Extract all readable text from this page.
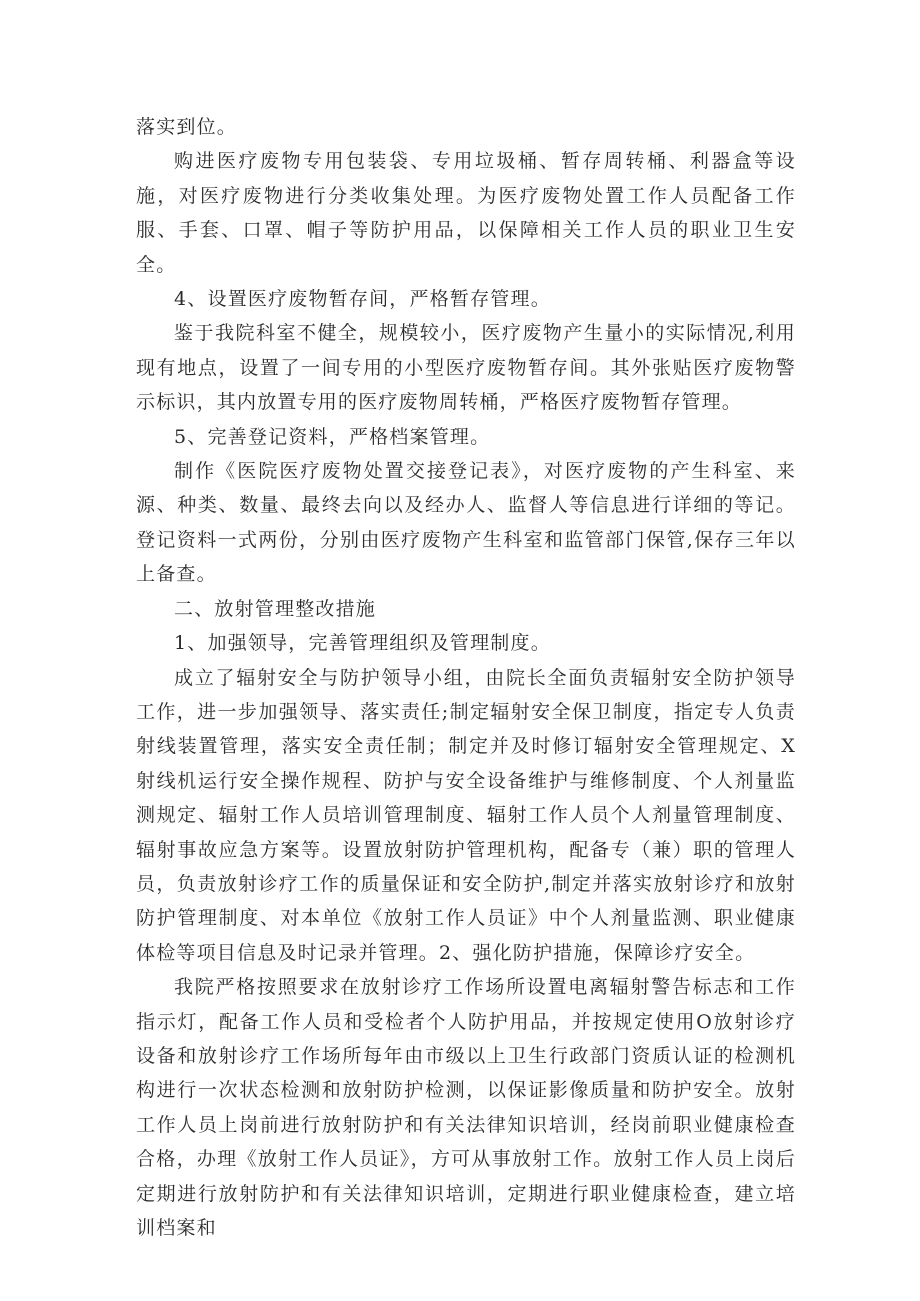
落实到位。

购进医疗废物专用包装袋、专用垃圾桶、暂存周转桶、利器盒等设施，对医疗废物进行分类收集处理。为医疗废物处置工作人员配备工作服、手套、口罩、帽子等防护用品，以保障相关工作人员的职业卫生安全。

4、设置医疗废物暂存间，严格暂存管理。

鉴于我院科室不健全，规模较小，医疗废物产生量小的实际情况,利用现有地点，设置了一间专用的小型医疗废物暂存间。其外张贴医疗废物警示标识，其内放置专用的医疗废物周转桶，严格医疗废物暂存管理。

5、完善登记资料，严格档案管理。

制作《医院医疗废物处置交接登记表》，对医疗废物的产生科室、来源、种类、数量、最终去向以及经办人、监督人等信息进行详细的等记。登记资料一式两份，分别由医疗废物产生科室和监管部门保管,保存三年以上备查。

二、放射管理整改措施

1、加强领导，完善管理组织及管理制度。

成立了辐射安全与防护领导小组，由院长全面负责辐射安全防护领导工作，进一步加强领导、落实责任;制定辐射安全保卫制度，指定专人负责射线装置管理，落实安全责任制；制定并及时修订辐射安全管理规定、X射线机运行安全操作规程、防护与安全设备维护与维修制度、个人剂量监测规定、辐射工作人员培训管理制度、辐射工作人员个人剂量管理制度、辐射事故应急方案等。设置放射防护管理机构，配备专（兼）职的管理人员，负责放射诊疗工作的质量保证和安全防护,制定并落实放射诊疗和放射防护管理制度、对本单位《放射工作人员证》中个人剂量监测、职业健康体检等项目信息及时记录并管理。2、强化防护措施，保障诊疗安全。

我院严格按照要求在放射诊疗工作场所设置电离辐射警告标志和工作指示灯，配备工作人员和受检者个人防护用品，并按规定使用O放射诊疗设备和放射诊疗工作场所每年由市级以上卫生行政部门资质认证的检测机构进行一次状态检测和放射防护检测，以保证影像质量和防护安全。放射工作人员上岗前进行放射防护和有关法律知识培训，经岗前职业健康检查合格，办理《放射工作人员证》，方可从事放射工作。放射工作人员上岗后定期进行放射防护和有关法律知识培训，定期进行职业健康检查，建立培训档案和
